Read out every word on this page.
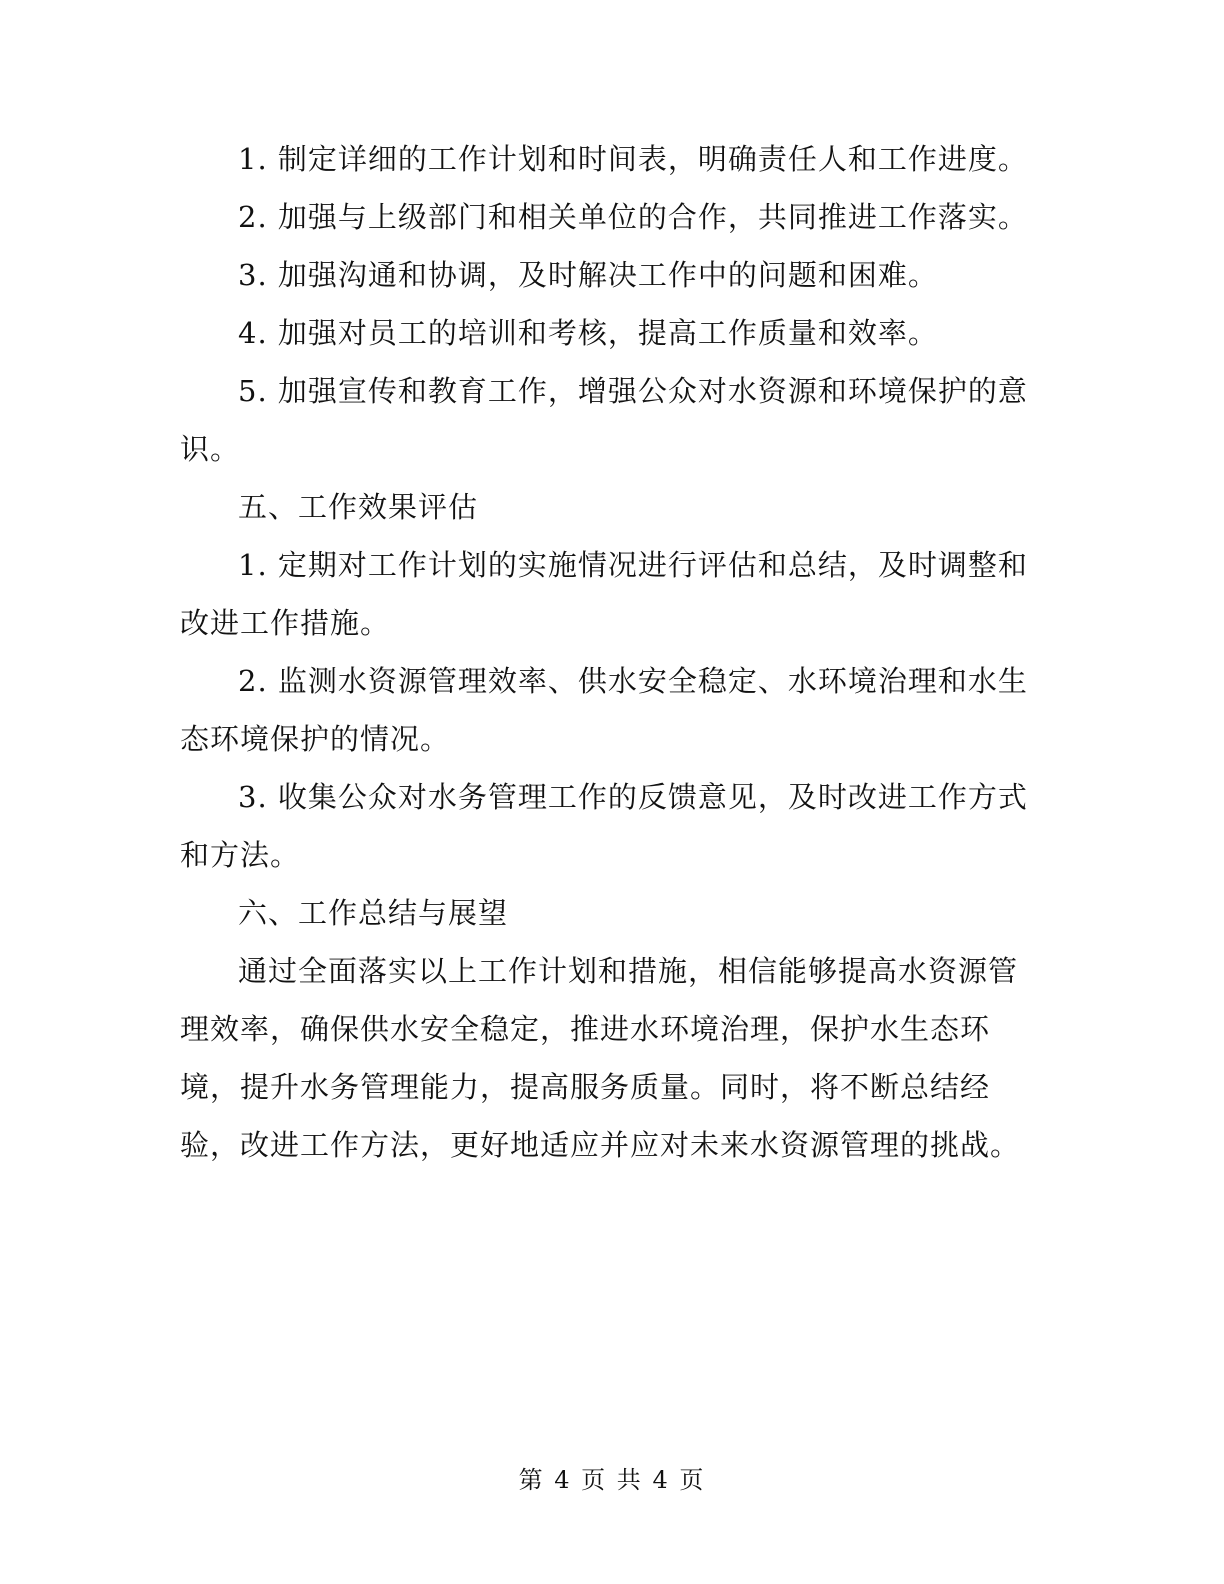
1. 制定详细的工作计划和时间表，明确责任人和工作进度。

2. 加强与上级部门和相关单位的合作，共同推进工作落实。

3. 加强沟通和协调，及时解决工作中的问题和困难。

4. 加强对员工的培训和考核，提高工作质量和效率。

5. 加强宣传和教育工作，增强公众对水资源和环境保护的意识。

五、工作效果评估

1. 定期对工作计划的实施情况进行评估和总结，及时调整和改进工作措施。

2. 监测水资源管理效率、供水安全稳定、水环境治理和水生态环境保护的情况。

3. 收集公众对水务管理工作的反馈意见，及时改进工作方式和方法。

六、工作总结与展望

通过全面落实以上工作计划和措施，相信能够提高水资源管理效率，确保供水安全稳定，推进水环境治理，保护水生态环境，提升水务管理能力，提高服务质量。同时，将不断总结经验，改进工作方法，更好地适应并应对未来水资源管理的挑战。

第 4 页 共 4 页
